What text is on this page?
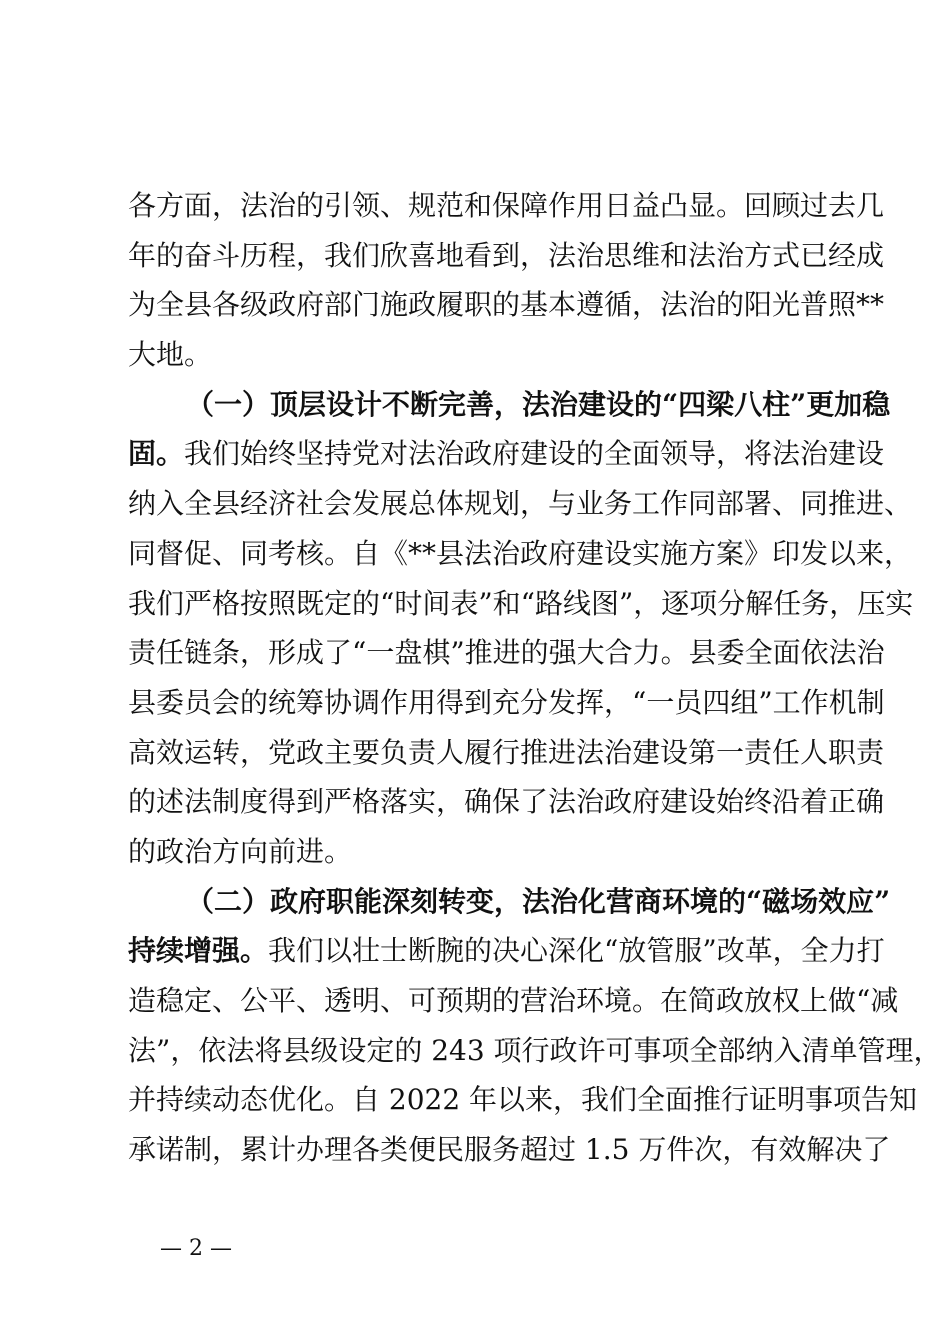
各方面，法治的引领、规范和保障作用日益凸显。回顾过去几
年的奋斗历程，我们欣喜地看到，法治思维和法治方式已经成
为全县各级政府部门施政履职的基本遵循，法治的阳光普照**
大地。
（一）顶层设计不断完善，法治建设的“四梁八柱”更加稳
固。我们始终坚持党对法治政府建设的全面领导，将法治建设
纳入全县经济社会发展总体规划，与业务工作同部署、同推进、
同督促、同考核。自《**县法治政府建设实施方案》印发以来，
我们严格按照既定的“时间表”和“路线图”，逐项分解任务，压实
责任链条，形成了“一盘棋”推进的强大合力。县委全面依法治
县委员会的统筹协调作用得到充分发挥，“一员四组”工作机制
高效运转，党政主要负责人履行推进法治建设第一责任人职责
的述法制度得到严格落实，确保了法治政府建设始终沿着正确
的政治方向前进。
（二）政府职能深刻转变，法治化营商环境的“磁场效应”
持续增强。我们以壮士断腕的决心深化“放管服”改革，全力打
造稳定、公平、透明、可预期的营治环境。在简政放权上做“减
法”，依法将县级设定的 243 项行政许可事项全部纳入清单管理，
并持续动态优化。自 2022 年以来，我们全面推行证明事项告知
承诺制，累计办理各类便民服务超过 1.5 万件次，有效解决了
— 2 —
